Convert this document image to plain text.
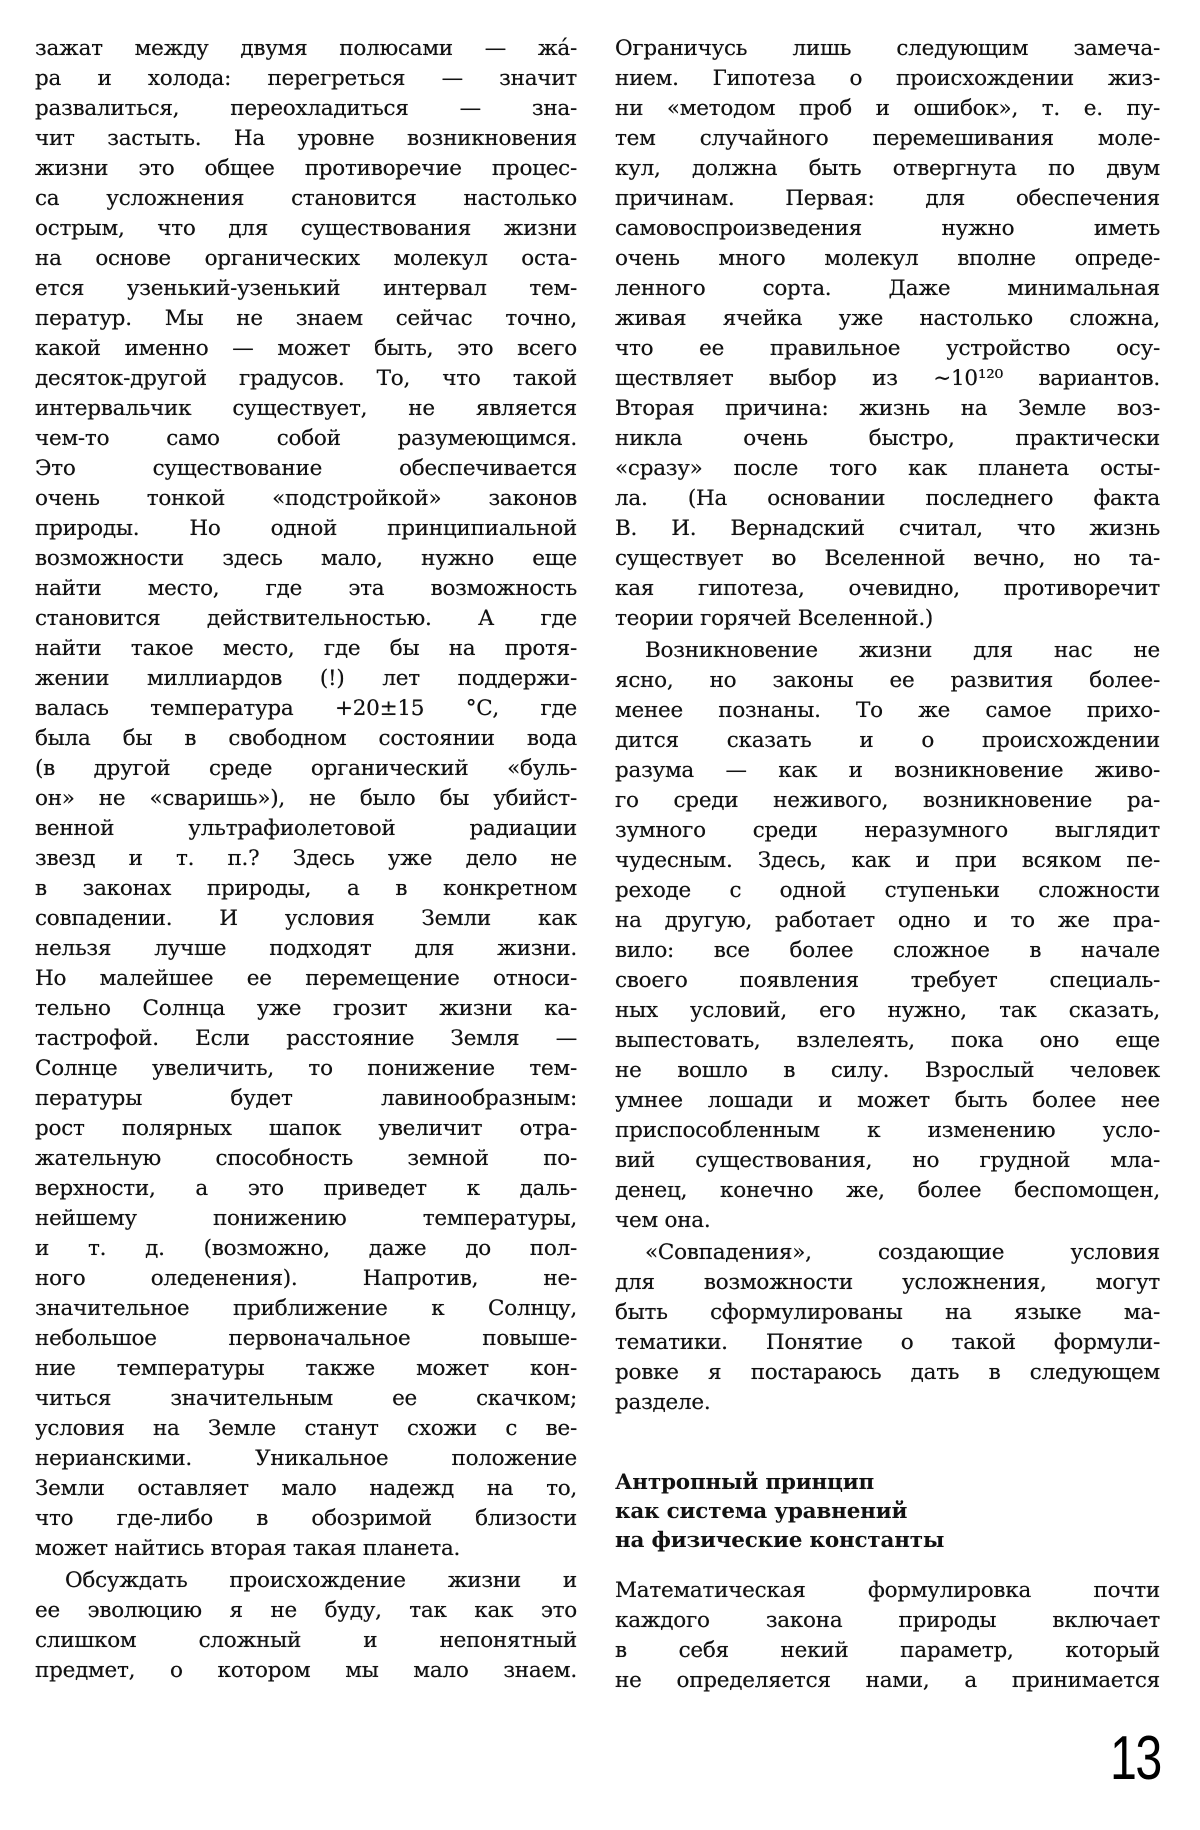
зажат между двумя полюсами — жа́-
ра и холода: перегреться — значит
развалиться, переохладиться — зна-
чит застыть. На уровне возникновения
жизни это общее противоречие процес-
са усложнения становится настолько
острым, что для существования жизни
на основе органических молекул оста-
ется узенький-узенький интервал тем-
ператур. Мы не знаем сейчас точно,
какой именно — может быть, это всего
десяток-другой градусов. То, что такой
интервальчик существует, не является
чем-то само собой разумеющимся.
Это существование обеспечивается
очень тонкой «подстройкой» законов
природы. Но одной принципиальной
возможности здесь мало, нужно еще
найти место, где эта возможность
становится действительностью. А где
найти такое место, где бы на протя-
жении миллиардов (!) лет поддержи-
валась температура +20±15 °С, где
была бы в свободном состоянии вода
(в другой среде органический «буль-
он» не «сваришь»), не было бы убийст-
венной ультрафиолетовой радиации
звезд и т. п.? Здесь уже дело не
в законах природы, а в конкретном
совпадении. И условия Земли как
нельзя лучше подходят для жизни.
Но малейшее ее перемещение относи-
тельно Солнца уже грозит жизни ка-
тастрофой. Если расстояние Земля —
Солнце увеличить, то понижение тем-
пературы будет лавинообразным:
рост полярных шапок увеличит отра-
жательную способность земной по-
верхности, а это приведет к даль-
нейшему понижению температуры,
и т. д. (возможно, даже до пол-
ного оледенения). Напротив, не-
значительное приближение к Солнцу,
небольшое первоначальное повыше-
ние температуры также может кон-
читься значительным ее скачком;
условия на Земле станут схожи с ве-
нерианскими. Уникальное положение
Земли оставляет мало надежд на то,
что где-либо в обозримой близости
может найтись вторая такая планета.
Обсуждать происхождение жизни и
ее эволюцию я не буду, так как это
слишком сложный и непонятный
предмет, о котором мы мало знаем.
Ограничусь лишь следующим замеча-
нием. Гипотеза о происхождении жиз-
ни «методом проб и ошибок», т. е. пу-
тем случайного перемешивания моле-
кул, должна быть отвергнута по двум
причинам. Первая: для обеспечения
самовоспроизведения нужно иметь
очень много молекул вполне опреде-
ленного сорта. Даже минимальная
живая ячейка уже настолько сложна,
что ее правильное устройство осу-
ществляет выбор из ∼10¹²⁰ вариантов.
Вторая причина: жизнь на Земле воз-
никла очень быстро, практически
«сразу» после того как планета осты-
ла. (На основании последнего факта
В. И. Вернадский считал, что жизнь
существует во Вселенной вечно, но та-
кая гипотеза, очевидно, противоречит
теории горячей Вселенной.)
Возникновение жизни для нас не
ясно, но законы ее развития более-
менее познаны. То же самое прихо-
дится сказать и о происхождении
разума — как и возникновение живо-
го среди неживого, возникновение ра-
зумного среди неразумного выглядит
чудесным. Здесь, как и при всяком пе-
реходе с одной ступеньки сложности
на другую, работает одно и то же пра-
вило: все более сложное в начале
своего появления требует специаль-
ных условий, его нужно, так сказать,
выпестовать, взлелеять, пока оно еще
не вошло в силу. Взрослый человек
умнее лошади и может быть более нее
приспособленным к изменению усло-
вий существования, но грудной мла-
денец, конечно же, более беспомощен,
чем она.
«Совпадения», создающие условия
для возможности усложнения, могут
быть сформулированы на языке ма-
тематики. Понятие о такой формули-
ровке я постараюсь дать в следующем
разделе.
Антропный принцип
как система уравнений
на физические константы
Математическая формулировка почти
каждого закона природы включает
в себя некий параметр, который
не определяется нами, а принимается
13
